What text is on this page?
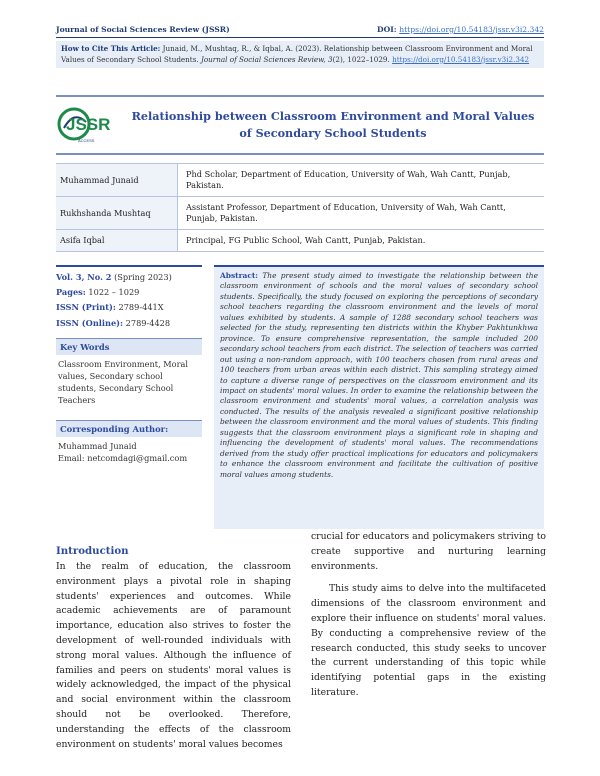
Journal of Social Sciences Review (JSSR)	DOI: https://doi.org/10.54183/jssr.v3i2.342
How to Cite This Article: Junaid, M., Mushtaq, R., & Iqbal, A. (2023). Relationship between Classroom Environment and Moral Values of Secondary School Students. Journal of Social Sciences Review, 3(2), 1022–1029. https://doi.org/10.54183/jssr.v3i2.342
JSSR
ACCESS
Relationship between Classroom Environment and Moral Values of Secondary School Students
Muhammad Junaid
Phd Scholar, Department of Education, University of Wah, Wah Cantt, Punjab, Pakistan.
Rukhshanda Mushtaq
Assistant Professor, Department of Education, University of Wah, Wah Cantt, Punjab, Pakistan.
Asifa Iqbal	Principal, FG Public School, Wah Cantt, Punjab, Pakistan.
Vol. 3, No. 2 (Spring 2023)
Pages: 1022 – 1029
ISSN (Print): 2789-441X
ISSN (Online): 2789-4428
Key Words
Classroom Environment, Moral values, Secondary school students, Secondary School Teachers
Corresponding Author:
Muhammad Junaid
Email: netcomdagi@gmail.com
Abstract: The present study aimed to investigate the relationship between the classroom environment of schools and the moral values of secondary school students. Specifically, the study focused on exploring the perceptions of secondary school teachers regarding the classroom environment and the levels of moral values exhibited by students. A sample of 1288 secondary school teachers was selected for the study, representing ten districts within the Khyber Pakhtunkhwa province. To ensure comprehensive representation, the sample included 200 secondary school teachers from each district. The selection of teachers was carried out using a non-random approach, with 100 teachers chosen from rural areas and 100 teachers from urban areas within each district. This sampling strategy aimed to capture a diverse range of perspectives on the classroom environment and its impact on students' moral values. In order to examine the relationship between the classroom environment and students' moral values, a correlation analysis was conducted. The results of the analysis revealed a significant positive relationship between the classroom environment and the moral values of students. This finding suggests that the classroom environment plays a significant role in shaping and influencing the development of students' moral values. The recommendations derived from the study offer practical implications for educators and policymakers to enhance the classroom environment and facilitate the cultivation of positive moral values among students.
Introduction

In the realm of education, the classroom environment plays a pivotal role in shaping students' experiences and outcomes. While academic achievements are of paramount importance, education also strives to foster the development of well-rounded individuals with strong moral values. Although the influence of families and peers on students' moral values is widely acknowledged, the impact of the physical and social environment within the classroom should not be overlooked. Therefore, understanding the effects of the classroom environment on students' moral values becomes

crucial for educators and policymakers striving to create supportive and nurturing learning environments.

This study aims to delve into the multifaceted dimensions of the classroom environment and explore their influence on students' moral values. By conducting a comprehensive review of the research conducted, this study seeks to uncover the current understanding of this topic while identifying potential gaps in the existing literature.
